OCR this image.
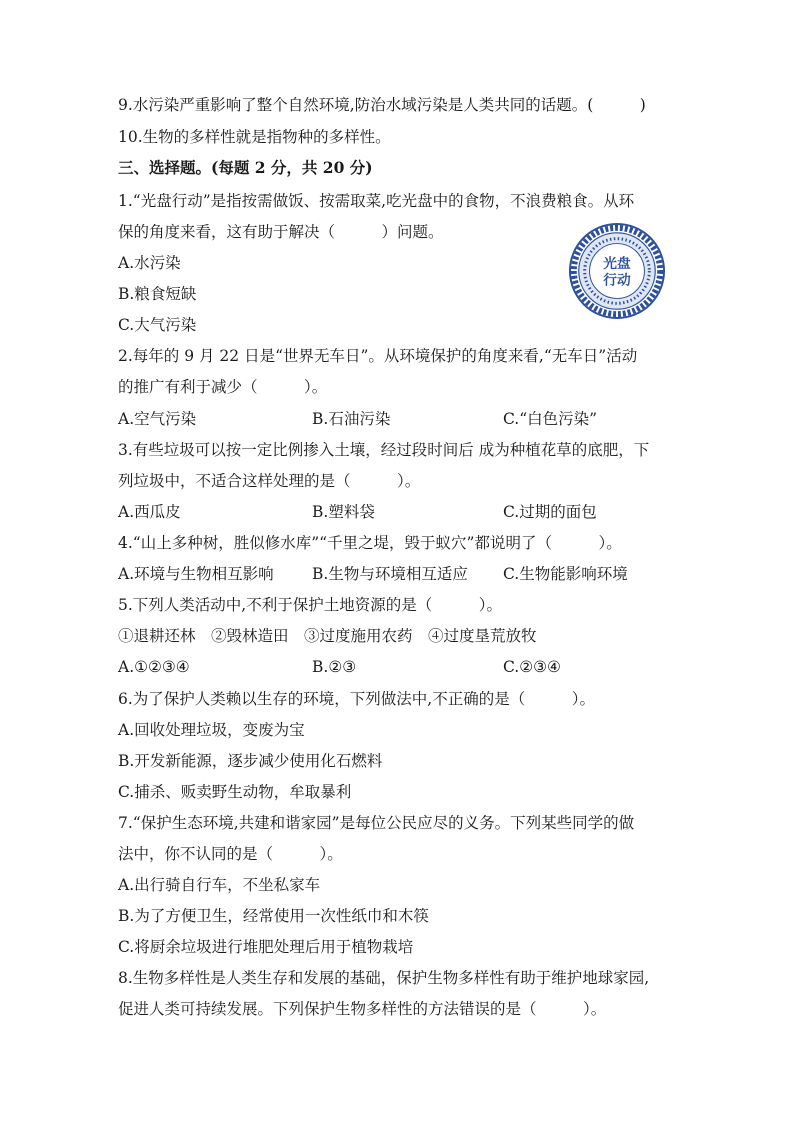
9.水污染严重影响了整个自然环境,防治水域污染是人类共同的话题。(　　　)
10.生物的多样性就是指物种的多样性。
三、选择题。(每题 2 分，共 20 分)
1.“光盘行动”是指按需做饭、按需取菜,吃光盘中的食物，不浪费粮食。从环
保的角度来看，这有助于解决（　　　）问题。
A.水污染
B.粮食短缺
C.大气污染
光盘
行动
2.每年的 9 月 22 日是“世界无车日”。从环境保护的角度来看,“无车日”活动
的推广有利于减少（　　　）。
A.空气污染	B.石油污染	C.“白色污染”
3.有些垃圾可以按一定比例掺入土壤，经过段时间后 成为种植花草的底肥，下
列垃圾中，不适合这样处理的是（　　　）。
A.西瓜皮	B.塑料袋	C.过期的面包
4.“山上多种树，胜似修水库”“千里之堤，毁于蚁穴”都说明了（　　　）。
A.环境与生物相互影响 B.生物与环境相互适应 C.生物能影响环境
5.下列人类活动中,不利于保护土地资源的是（　　　）。
①退耕还林　②毁林造田　③过度施用农药　④过度垦荒放牧
A.①②③④	B.②③	C.②③④
6.为了保护人类赖以生存的环境，下列做法中,不正确的是（　　　）。
A.回收处理垃圾，变废为宝
B.开发新能源，逐步减少使用化石燃料
C.捕杀、贩卖野生动物，牟取暴利
7.“保护生态环境,共建和谐家园”是每位公民应尽的义务。下列某些同学的做
法中，你不认同的是（　　　）。
A.出行骑自行车，不坐私家车
B.为了方便卫生，经常使用一次性纸巾和木筷
C.将厨余垃圾进行堆肥处理后用于植物栽培
8.生物多样性是人类生存和发展的基础，保护生物多样性有助于维护地球家园,
促进人类可持续发展。下列保护生物多样性的方法错误的是（　　　）。
